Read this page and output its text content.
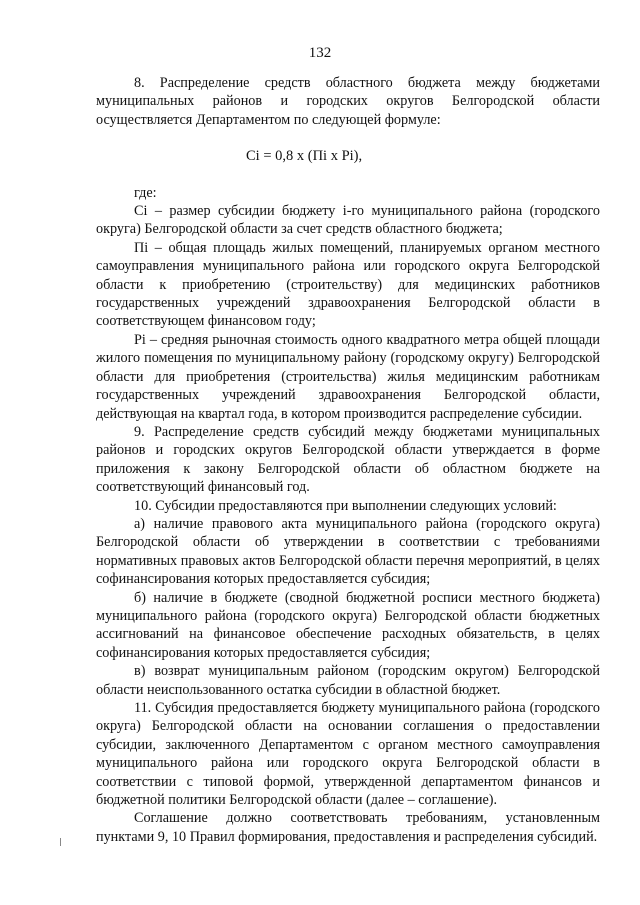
132

8. Распределение средств областного бюджета между бюджетами муниципальных районов и городских округов Белгородской области осуществляется Департаментом по следующей формуле:

Ci = 0,8 x (Пi x Pi),

где:

Ci – размер субсидии бюджету i-го муниципального района (городского округа) Белгородской области за счет средств областного бюджета;

Пi – общая площадь жилых помещений, планируемых органом местного самоуправления муниципального района или городского округа Белгородской области к приобретению (строительству) для медицинских работников государственных учреждений здравоохранения Белгородской области в соответствующем финансовом году;

Pi – средняя рыночная стоимость одного квадратного метра общей площади жилого помещения по муниципальному району (городскому округу) Белгородской области для приобретения (строительства) жилья медицинским работникам государственных учреждений здравоохранения Белгородской области, действующая на квартал года, в котором производится распределение субсидии.

9. Распределение средств субсидий между бюджетами муниципальных районов и городских округов Белгородской области утверждается в форме приложения к закону Белгородской области об областном бюджете на соответствующий финансовый год.

10. Субсидии предоставляются при выполнении следующих условий:

а) наличие правового акта муниципального района (городского округа) Белгородской области об утверждении в соответствии с требованиями нормативных правовых актов Белгородской области перечня мероприятий, в целях софинансирования которых предоставляется субсидия;

б) наличие в бюджете (сводной бюджетной росписи местного бюджета) муниципального района (городского округа) Белгородской области бюджетных ассигнований на финансовое обеспечение расходных обязательств, в целях софинансирования которых предоставляется субсидия;

в) возврат муниципальным районом (городским округом) Белгородской области неиспользованного остатка субсидии в областной бюджет.

11. Субсидия предоставляется бюджету муниципального района (городского округа) Белгородской области на основании соглашения о предоставлении субсидии, заключенного Департаментом с органом местного самоуправления муниципального района или городского округа Белгородской области в соответствии с типовой формой, утвержденной департаментом финансов и бюджетной политики Белгородской области (далее – соглашение).

Соглашение должно соответствовать требованиям, установленным пунктами 9, 10 Правил формирования, предоставления и распределения субсидий.
